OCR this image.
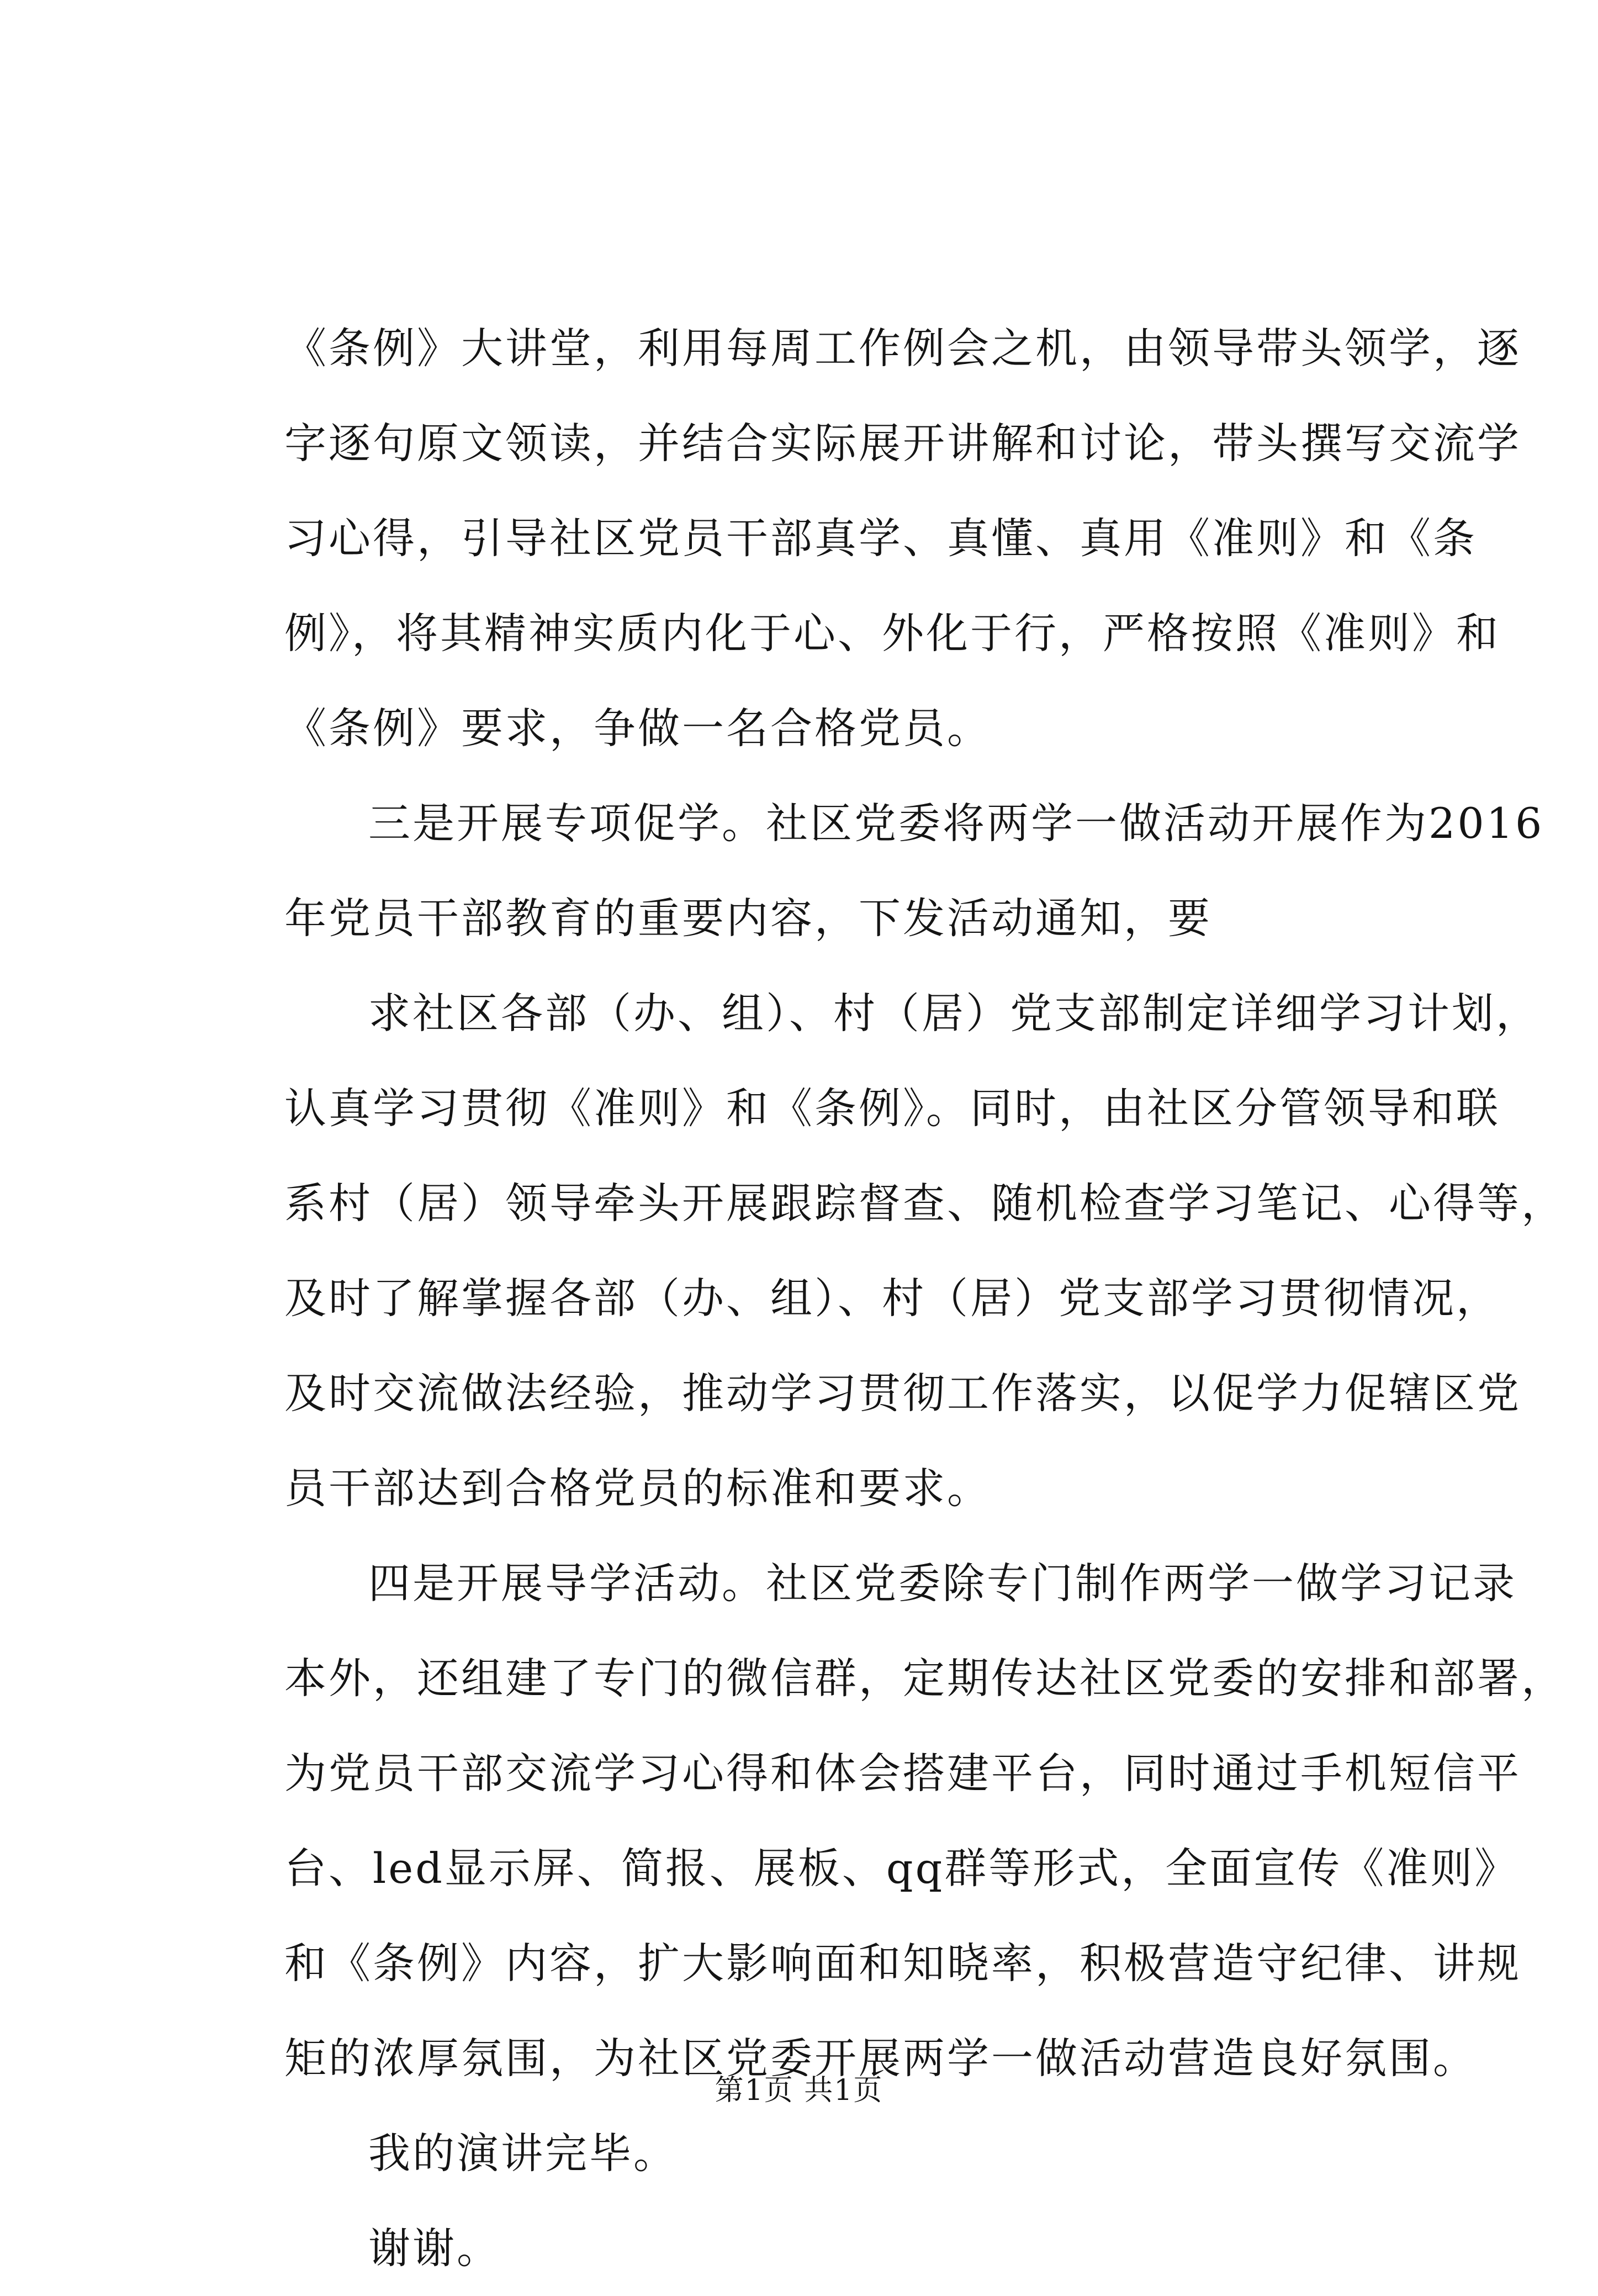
《条例》大讲堂，利用每周工作例会之机，由领导带头领学，逐
字逐句原文领读，并结合实际展开讲解和讨论，带头撰写交流学
习心得，引导社区党员干部真学、真懂、真用《准则》和《条
例》，将其精神实质内化于心、外化于行，严格按照《准则》和
《条例》要求，争做一名合格党员。
三是开展专项促学。社区党委将两学一做活动开展作为2016
年党员干部教育的重要内容，下发活动通知，要
求社区各部（办、组）、村（居）党支部制定详细学习计划，
认真学习贯彻《准则》和《条例》。同时，由社区分管领导和联
系村（居）领导牵头开展跟踪督查、随机检查学习笔记、心得等，
及时了解掌握各部（办、组）、村（居）党支部学习贯彻情况，
及时交流做法经验，推动学习贯彻工作落实，以促学力促辖区党
员干部达到合格党员的标准和要求。
四是开展导学活动。社区党委除专门制作两学一做学习记录
本外，还组建了专门的微信群，定期传达社区党委的安排和部署，
为党员干部交流学习心得和体会搭建平台，同时通过手机短信平
台、led显示屏、简报、展板、qq群等形式，全面宣传《准则》
和《条例》内容，扩大影响面和知晓率，积极营造守纪律、讲规
矩的浓厚氛围，为社区党委开展两学一做活动营造良好氛围。
我的演讲完毕。
谢谢。
第1页 共1页
